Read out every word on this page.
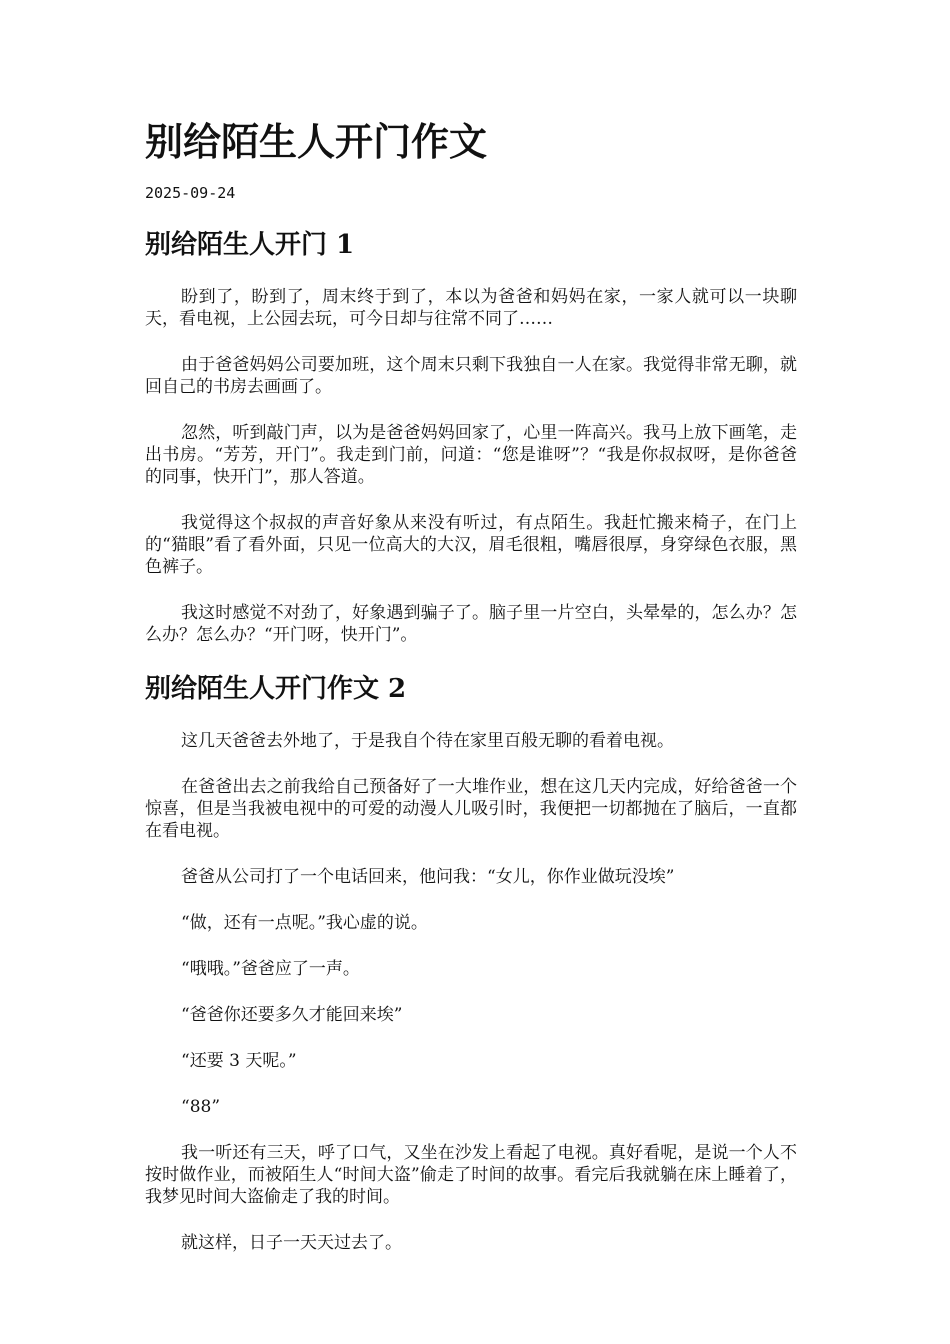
别给陌生人开门作文
2025-09-24
别给陌生人开门 1

盼到了，盼到了，周末终于到了，本以为爸爸和妈妈在家，一家人就可以一块聊天，看电视，上公园去玩，可今日却与往常不同了……

由于爸爸妈妈公司要加班，这个周末只剩下我独自一人在家。我觉得非常无聊，就回自己的书房去画画了。

忽然，听到敲门声，以为是爸爸妈妈回家了，心里一阵高兴。我马上放下画笔，走出书房。“芳芳，开门”。我走到门前，问道：“您是谁呀”？“我是你叔叔呀，是你爸爸的同事，快开门”，那人答道。

我觉得这个叔叔的声音好象从来没有听过，有点陌生。我赶忙搬来椅子，在门上的“猫眼”看了看外面，只见一位高大的大汉，眉毛很粗，嘴唇很厚，身穿绿色衣服，黑色裤子。

我这时感觉不对劲了，好象遇到骗子了。脑子里一片空白，头晕晕的，怎么办？怎么办？怎么办？“开门呀，快开门”。

别给陌生人开门作文 2

这几天爸爸去外地了，于是我自个待在家里百般无聊的看着电视。

在爸爸出去之前我给自己预备好了一大堆作业，想在这几天内完成，好给爸爸一个惊喜，但是当我被电视中的可爱的动漫人儿吸引时，我便把一切都抛在了脑后，一直都在看电视。

爸爸从公司打了一个电话回来，他问我：“女儿，你作业做玩没埃”

“做，还有一点呢。”我心虚的说。

“哦哦。”爸爸应了一声。

“爸爸你还要多久才能回来埃”

“还要 3 天呢。”

“88”

我一听还有三天，呼了口气，又坐在沙发上看起了电视。真好看呢，是说一个人不按时做作业，而被陌生人“时间大盗”偷走了时间的故事。看完后我就躺在床上睡着了，我梦见时间大盗偷走了我的时间。

就这样，日子一天天过去了。
